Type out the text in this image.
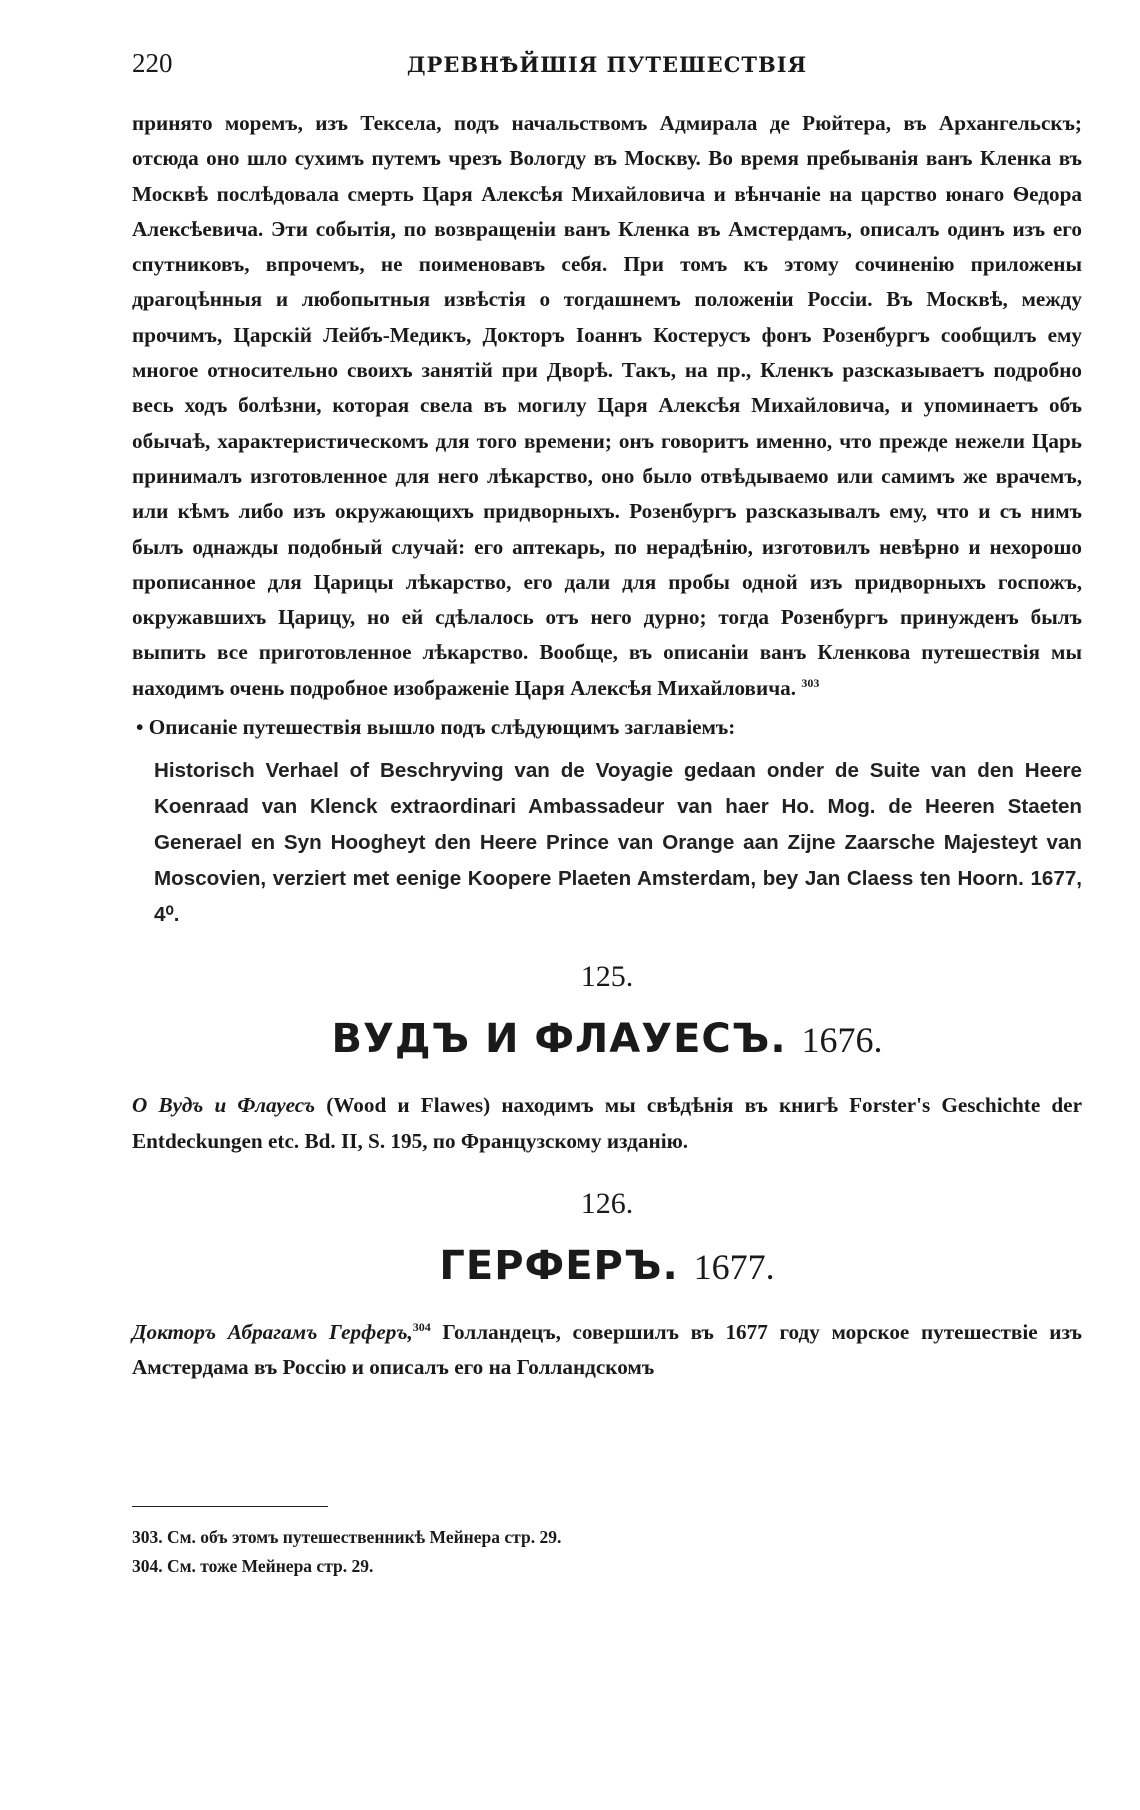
220	ДРЕВНѢЙШІЯ ПУТЕШЕСТВІЯ

принято моремъ, изъ Тексела, подъ начальствомъ Адмирала де Рюйтера, въ Архангельскъ; отсюда оно шло сухимъ путемъ чрезъ Вологду въ Москву. Во время пребыванія ванъ Кленка въ Москвѣ послѣдовала смерть Царя Алексѣя Михайловича и вѣнчаніе на царство юнаго Ѳедора Алексѣевича. Эти событія, по возвращеніи ванъ Кленка въ Амстердамъ, описалъ одинъ изъ его спутниковъ, впрочемъ, не поименовавъ себя. При томъ къ этому сочиненію приложены драгоцѣнныя и любопытныя извѣстія о тогдашнемъ положеніи Россіи. Въ Москвѣ, между прочимъ, Царскій Лейбъ-Медикъ, Докторъ Іоаннъ Костерусъ фонъ Розенбургъ сообщилъ ему многое относительно своихъ занятій при Дворѣ. Такъ, на пр., Кленкъ разсказываетъ подробно весь ходъ болѣзни, которая свела въ могилу Царя Алексѣя Михайловича, и упоминаетъ объ обычаѣ, характеристическомъ для того времени; онъ говоритъ именно, что прежде нежели Царь принималъ изготовленное для него лѣкарство, оно было отвѣдываемо или самимъ же врачемъ, или кѣмъ либо изъ окружающихъ придворныхъ. Розенбургъ разсказывалъ ему, что и съ нимъ былъ однажды подобный случай: его аптекарь, по нерадѣнію, изготовилъ невѣрно и нехорошо прописанное для Царицы лѣкарство, его дали для пробы одной изъ придворныхъ госпожъ, окружавшихъ Царицу, но ей сдѣлалось отъ него дурно; тогда Розенбургъ принужденъ былъ выпить все приготовленное лѣкарство. Вообще, въ описаніи ванъ Кленкова путешествія мы находимъ очень подробное изображеніе Царя Алексѣя Михайловича. $^{303}$

• Описаніе путешествія вышло подъ слѣдующимъ заглавіемъ:

Historisch Verhael of Beschryving van de Voyagie gedaan onder de Suite van den Heere Koenraad van Klenck extraordinari Ambassadeur van haer Ho. Mog. de Heeren Staeten Generael en Syn Hoogheyt den Heere Prince van Orange aan Zijne Zaarsche Majesteyt van Moscovien, verziert met eenige Koopere Plaeten Amsterdam, bey Jan Claess ten Hoorn. 1677, 4⁰.
125.
ВУДЪ И ФЛАУЕСЪ. 1676.

О Вудъ и Флауесъ (Wood и Flawes) находимъ мы свѣдѣнія въ книгѣ Forster's Geschichte der Entdeckungen etc. Bd. II, S. 195, по Французскому изданію.

126.
ГЕРФЕРЪ. 1677.

Докторъ Абрагамъ Герферъ,$^{304}$ Голландецъ, совершилъ въ 1677 году морское путешествіе изъ Амстердама въ Россію и описалъ его на Голландскомъ

303. См. объ этомъ путешественникѣ Мейнера стр. 29.

304. См. тоже Мейнера стр. 29.
